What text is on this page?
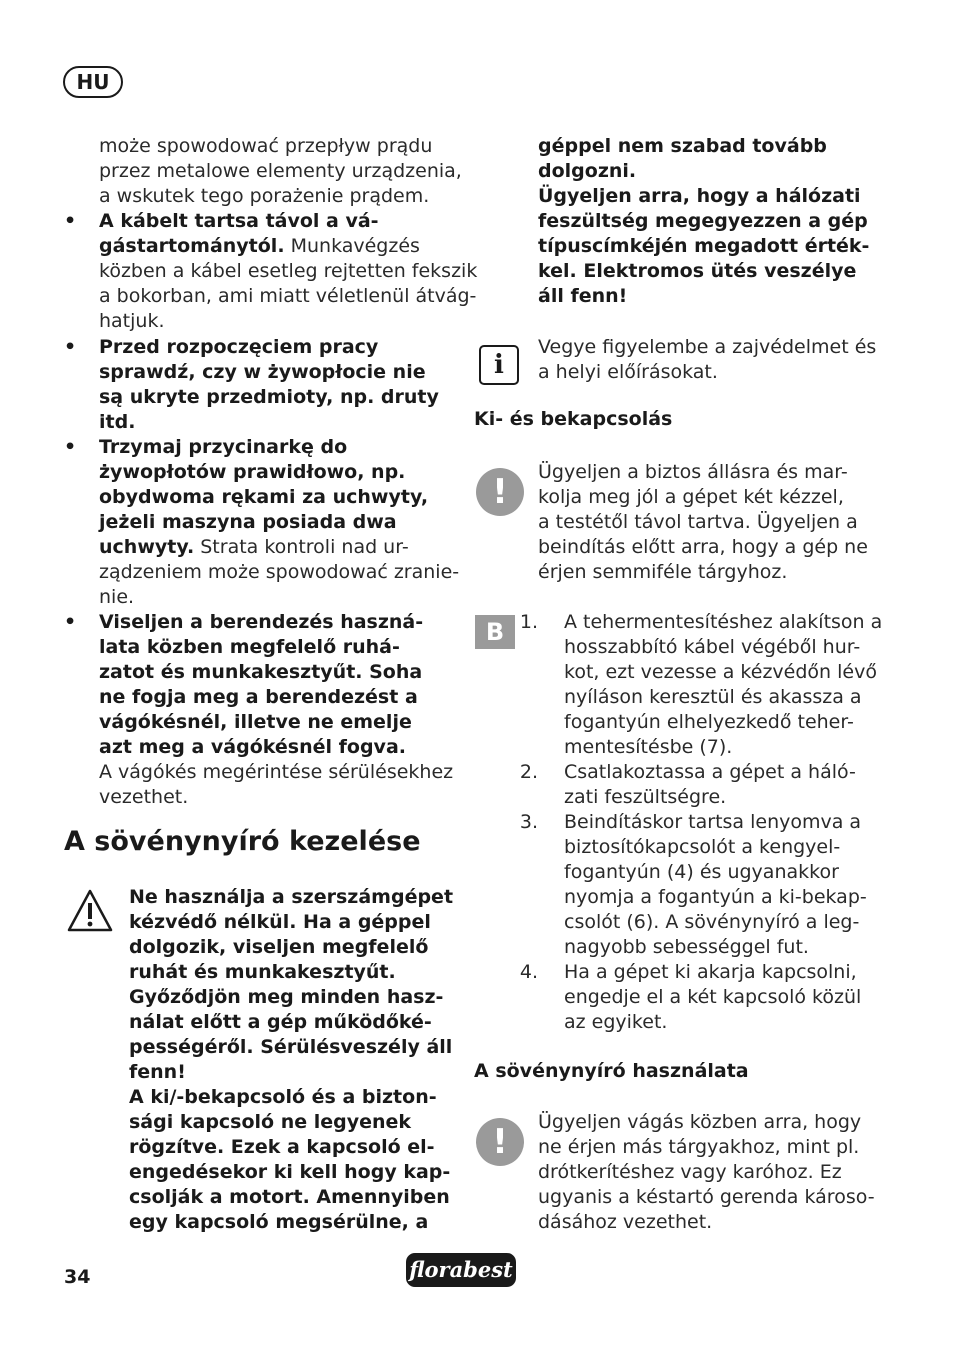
HU
może spowodować przepływ prądu
przez metalowe elementy urządzenia,
a wskutek tego porażenie prądem.
• A kábelt tartsa távol a vá-
gástartománytól. Munkavégzés
közben a kábel esetleg rejtetten fekszik
a bokorban, ami miatt véletlenül átvág-
hatjuk.
• Przed rozpoczęciem pracy
sprawdź, czy w żywopłocie nie
są ukryte przedmioty, np. druty
itd.
• Trzymaj przycinarkę do
żywopłotów prawidłowo, np.
obydwoma rękami za uchwyty,
jeżeli maszyna posiada dwa
uchwyty. Strata kontroli nad ur-
ządzeniem może spowodować zranie-
nie.
• Viseljen a berendezés haszná-
lata közben megfelelő ruhá-
zatot és munkakesztyűt. Soha
ne fogja meg a berendezést a
vágókésnél, illetve ne emelje
azt meg a vágókésnél fogva.
A vágókés megérintése sérülésekhez
vezethet.
A sövénynyíró kezelése
Ne használja a szerszámgépet
kézvédő nélkül. Ha a géppel
dolgozik, viseljen megfelelő
ruhát és munkakesztyűt.
Győződjön meg minden hasz-
nálat előtt a gép működőké-
pességéről. Sérülésveszély áll
fenn!
A ki/-bekapcsoló és a bizton-
sági kapcsoló ne legyenek
rögzítve. Ezek a kapcsoló el-
engedésekor ki kell hogy kap-
csolják a motort. Amennyiben
egy kapcsoló megsérülne, a
géppel nem szabad tovább
dolgozni.
Ügyeljen arra, hogy a hálózati
feszültség megegyezzen a gép
típuscímkéjén megadott érték-
kel. Elektromos ütés veszélye
áll fenn!
i
Vegye figyelembe a zajvédelmet és
a helyi előírásokat.
Ki- és bekapcsolás
!	Ügyeljen a biztos állásra és mar-
kolja meg jól a gépet két kézzel,
a testétől távol tartva. Ügyeljen a
beindítás előtt arra, hogy a gép ne
érjen semmiféle tárgyhoz.
B 1. A tehermentesítéshez alakítson a
hosszabbító kábel végéből hur-
kot, ezt vezesse a kézvédőn lévő
nyíláson keresztül és akassza a
fogantyún elhelyezkedő teher-
mentesítésbe (7).
2. Csatlakoztassa a gépet a háló-
zati feszültségre.
3. Beindításkor tartsa lenyomva a
biztosítókapcsolót a kengyel-
fogantyún (4) és ugyanakkor
nyomja a fogantyún a ki-bekap-
csolót (6). A sövénynyíró a leg-
nagyobb sebességgel fut.
4. Ha a gépet ki akarja kapcsolni,
engedje el a két kapcsoló közül
az egyiket.
A sövénynyíró használata
!	Ügyeljen vágás közben arra, hogy
ne érjen más tárgyakhoz, mint pl.
drótkerítéshez vagy karóhoz. Ez
ugyanis a késtartó gerenda károso-
dásához vezethet.
34	florabest
